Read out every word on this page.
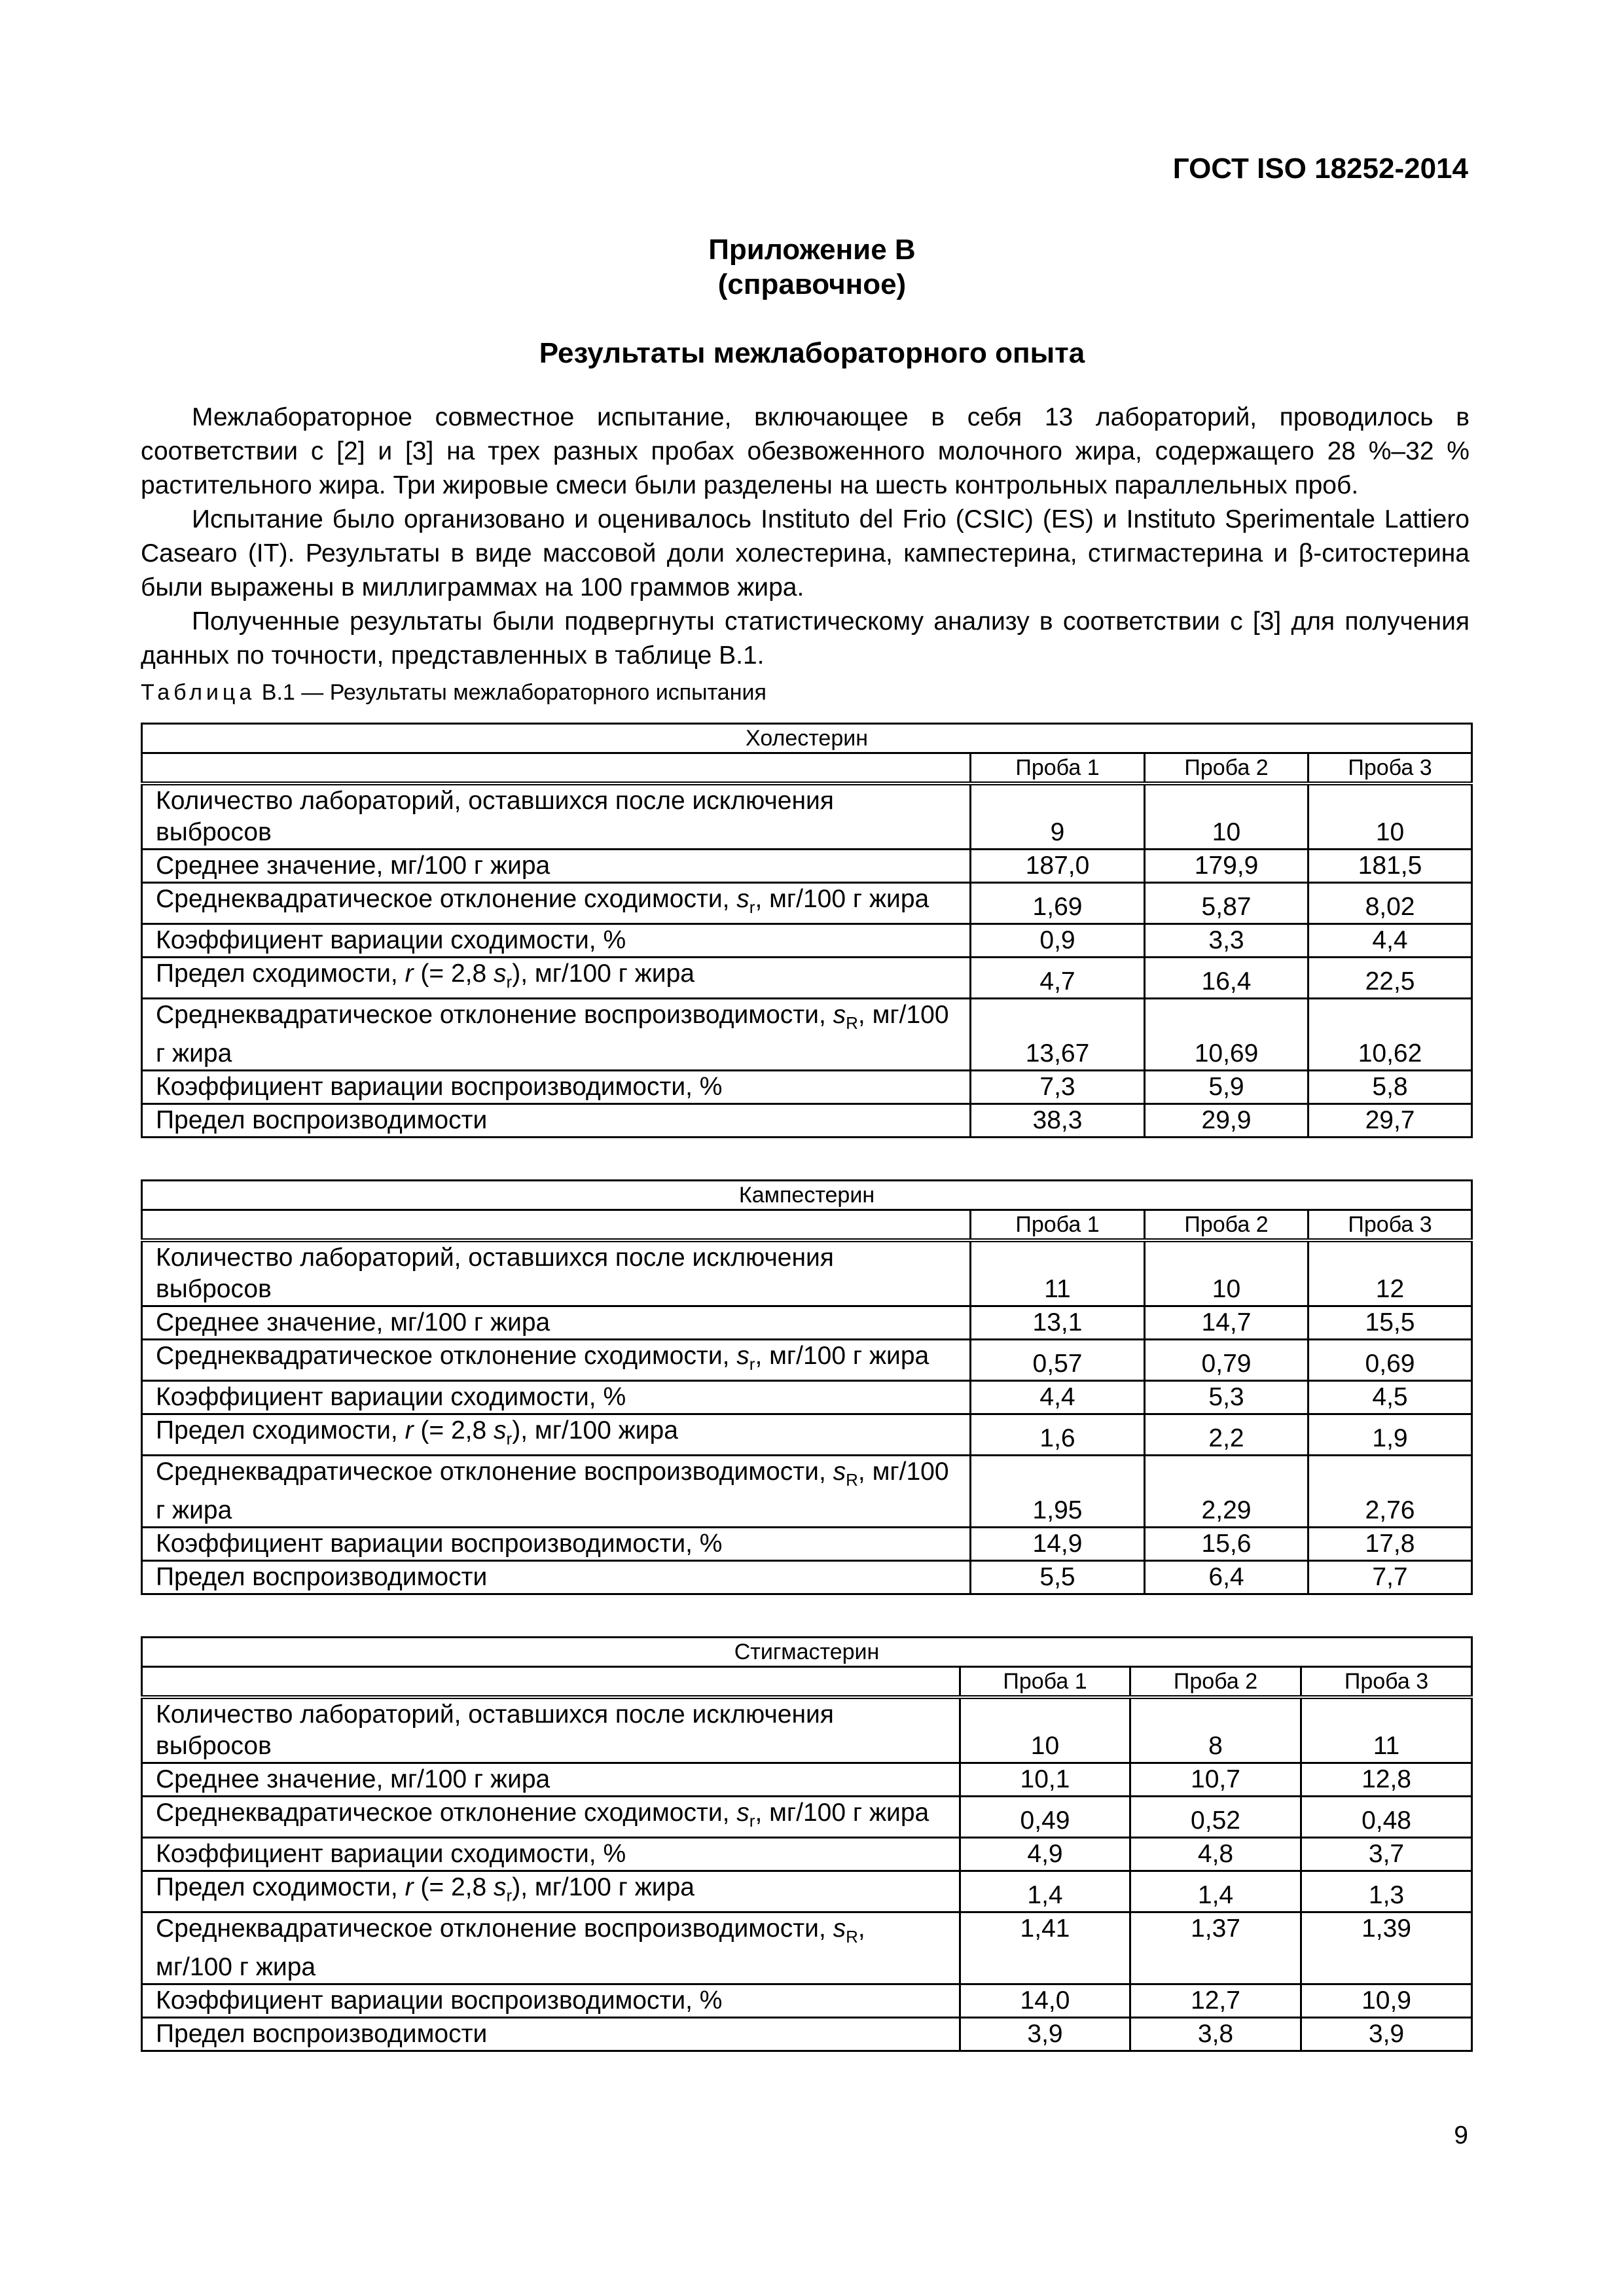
ГОСТ ISO 18252-2014
Приложение В
(справочное)
Результаты межлабораторного опыта

Межлабораторное совместное испытание, включающее в себя 13 лабораторий, проводилось в соответствии с [2] и [3] на трех разных пробах обезвоженного молочного жира, содержащего 28 %–32 % растительного жира. Три жировые смеси были разделены на шесть контрольных параллельных проб.

Испытание было организовано и оценивалось Instituto del Frio (CSIC) (ES) и Instituto Sperimentale Lattiero Casearo (IT). Результаты в виде массовой доли холестерина, кампестерина, стигмастерина и β-ситостерина были выражены в миллиграммах на 100 граммов жира.

Полученные результаты были подвергнуты статистическому анализу в соответствии с [3] для получения данных по точности, представленных в таблице В.1.

Таблица В.1 — Результаты межлабораторного испытания
Холестерин			
	Проба 1	Проба 2	Проба 3
Количество лабораторий, оставшихся после исключения выбросов	9	10	10
Среднее значение, мг/100 г жира	187,0	179,9	181,5
Среднеквадратическое отклонение сходимости, $s_r$, мг/100 г жира	1,69	5,87	8,02
Коэффициент вариации сходимости, %	0,9	3,3	4,4
Предел сходимости, r (= 2,8 $s_r$), мг/100 г жира	4,7	16,4	22,5
Среднеквадратическое отклонение воспроизводимости, $s_R$, мг/100 г жира	13,67	10,69	10,62
Коэффициент вариации воспроизводимости, %	7,3	5,9	5,8
Предел воспроизводимости	38,3	29,9	29,7
Кампестерин			
	Проба 1	Проба 2	Проба 3
Количество лабораторий, оставшихся после исключения выбросов	11	10	12
Среднее значение, мг/100 г жира	13,1	14,7	15,5
Среднеквадратическое отклонение сходимости, $s_r$, мг/100 г жира	0,57	0,79	0,69
Коэффициент вариации сходимости, %	4,4	5,3	4,5
Предел сходимости, r (= 2,8 $s_r$), мг/100 жира	1,6	2,2	1,9
Среднеквадратическое отклонение воспроизводимости, $s_R$, мг/100 г жира	1,95	2,29	2,76
Коэффициент вариации воспроизводимости, %	14,9	15,6	17,8
Предел воспроизводимости	5,5	6,4	7,7
Стигмастерин			
	Проба 1	Проба 2	Проба 3
Количество лабораторий, оставшихся после исключения выбросов	10	8	11
Среднее значение, мг/100 г жира	10,1	10,7	12,8
Среднеквадратическое отклонение сходимости, $s_r$, мг/100 г жира	0,49	0,52	0,48
Коэффициент вариации сходимости, %	4,9	4,8	3,7
Предел сходимости, r (= 2,8 $s_r$), мг/100 г жира	1,4	1,4	1,3
Среднеквадратическое отклонение воспроизводимости, $s_R$, мг/100 г жира	1,41	1,37	1,39
Коэффициент вариации воспроизводимости, %	14,0	12,7	10,9
Предел воспроизводимости	3,9	3,8	3,9
9
